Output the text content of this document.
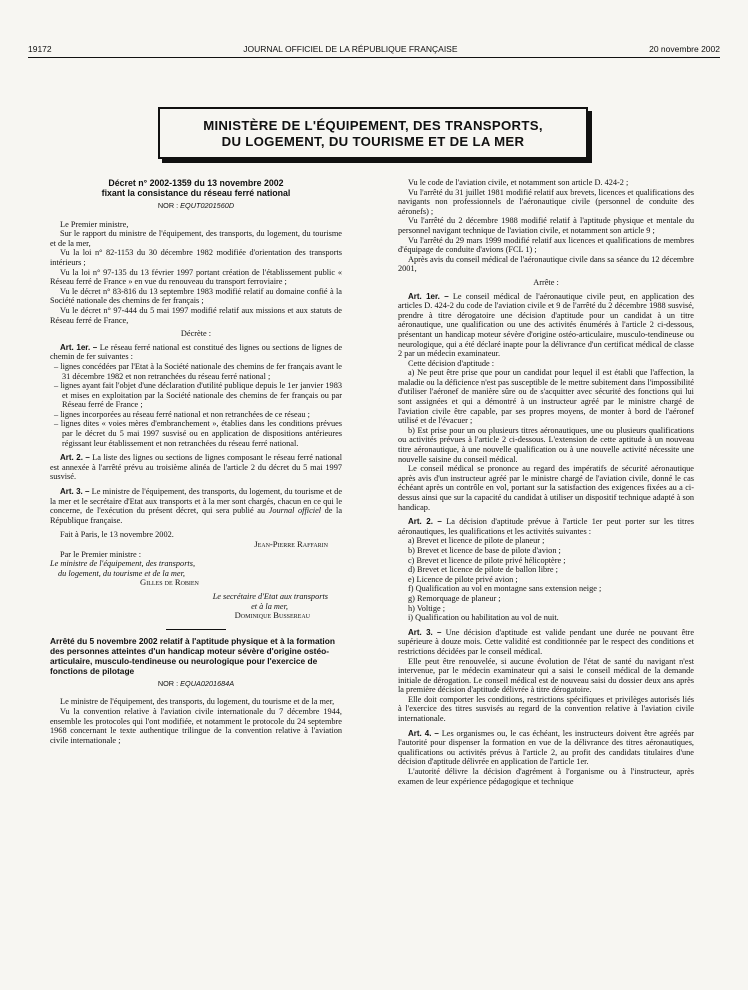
19172	JOURNAL OFFICIEL DE LA RÉPUBLIQUE FRANÇAISE	20 novembre 2002
MINISTÈRE DE L'ÉQUIPEMENT, DES TRANSPORTS,
DU LOGEMENT, DU TOURISME ET DE LA MER
Décret n° 2002-1359 du 13 novembre 2002
fixant la consistance du réseau ferré national
NOR : EQUT0201560D

Le Premier ministre,

Sur le rapport du ministre de l'équipement, des transports, du logement, du tourisme et de la mer,

Vu la loi n° 82-1153 du 30 décembre 1982 modifiée d'orientation des transports intérieurs ;

Vu la loi n° 97-135 du 13 février 1997 portant création de l'établissement public « Réseau ferré de France » en vue du renouveau du transport ferroviaire ;

Vu le décret n° 83-816 du 13 septembre 1983 modifié relatif au domaine confié à la Société nationale des chemins de fer français ;

Vu le décret n° 97-444 du 5 mai 1997 modifié relatif aux missions et aux statuts de Réseau ferré de France,

Décrète :

Art. 1er. – Le réseau ferré national est constitué des lignes ou sections de lignes de chemin de fer suivantes :

– lignes concédées par l'Etat à la Société nationale des chemins de fer français avant le 31 décembre 1982 et non retranchées du réseau ferré national ;
– lignes ayant fait l'objet d'une déclaration d'utilité publique depuis le 1er janvier 1983 et mises en exploitation par la Société nationale des chemins de fer français ou par Réseau ferré de France ;
– lignes incorporées au réseau ferré national et non retranchées de ce réseau ;
– lignes dites « voies mères d'embranchement », établies dans les conditions prévues par le décret du 5 mai 1997 susvisé ou en application de dispositions antérieures régissant leur établissement et non retranchées du réseau ferré national.

Art. 2. – La liste des lignes ou sections de lignes composant le réseau ferré national est annexée à l'arrêté prévu au troisième alinéa de l'article 2 du décret du 5 mai 1997 susvisé.

Art. 3. – Le ministre de l'équipement, des transports, du logement, du tourisme et de la mer et le secrétaire d'Etat aux transports et à la mer sont chargés, chacun en ce qui le concerne, de l'exécution du présent décret, qui sera publié au Journal officiel de la République française.

Fait à Paris, le 13 novembre 2002.

Jean-Pierre Raffarin

Par le Premier ministre :

Le ministre de l'équipement, des transports,
du logement, du tourisme et de la mer,
Gilles de Robien
Le secrétaire d'Etat aux transports
et à la mer,
Dominique Bussereau
Arrêté du 5 novembre 2002 relatif à l'aptitude physique et à la formation des personnes atteintes d'un handicap moteur sévère d'origine ostéo-articulaire, musculo-tendineuse ou neurologique pour l'exercice de fonctions de pilotage
NOR : EQUA0201684A

Le ministre de l'équipement, des transports, du logement, du tourisme et de la mer,

Vu la convention relative à l'aviation civile internationale du 7 décembre 1944, ensemble les protocoles qui l'ont modifiée, et notamment le protocole du 24 septembre 1968 concernant le texte authentique trilingue de la convention relative à l'aviation civile internationale ;

Vu le code de l'aviation civile, et notamment son article D. 424-2 ;

Vu l'arrêté du 31 juillet 1981 modifié relatif aux brevets, licences et qualifications des navigants non professionnels de l'aéronautique civile (personnel de conduite des aéronefs) ;

Vu l'arrêté du 2 décembre 1988 modifié relatif à l'aptitude physique et mentale du personnel navigant technique de l'aviation civile, et notamment son article 9 ;

Vu l'arrêté du 29 mars 1999 modifié relatif aux licences et qualifications de membres d'équipage de conduite d'avions (FCL 1) ;

Après avis du conseil médical de l'aéronautique civile dans sa séance du 12 décembre 2001,

Arrête :

Art. 1er. – Le conseil médical de l'aéronautique civile peut, en application des articles D. 424-2 du code de l'aviation civile et 9 de l'arrêté du 2 décembre 1988 susvisé, prendre à titre dérogatoire une décision d'aptitude pour un candidat à un titre aéronautique, une qualification ou une des activités énumérés à l'article 2 ci-dessous, présentant un handicap moteur sévère d'origine ostéo-articulaire, musculo-tendineuse ou neurologique, qui a été déclaré inapte pour la délivrance d'un certificat médical de classe 2 par un médecin examinateur.

Cette décision d'aptitude :

a) Ne peut être prise que pour un candidat pour lequel il est établi que l'affection, la maladie ou la déficience n'est pas susceptible de le mettre subitement dans l'impossibilité d'utiliser l'aéronef de manière sûre ou de s'acquitter avec sécurité des fonctions qui lui sont assignées et qui a démontré à un instructeur agréé par le ministre chargé de l'aviation civile être capable, par ses propres moyens, de monter à bord de l'aéronef utilisé et de l'évacuer ;

b) Est prise pour un ou plusieurs titres aéronautiques, une ou plusieurs qualifications ou activités prévues à l'article 2 ci-dessous. L'extension de cette aptitude à un nouveau titre aéronautique, à une nouvelle qualification ou à une nouvelle activité nécessite une nouvelle saisine du conseil médical.

Le conseil médical se prononce au regard des impératifs de sécurité aéronautique après avis d'un instructeur agréé par le ministre chargé de l'aviation civile, donné le cas échéant après un contrôle en vol, portant sur la satisfaction des exigences fixées au a ci-dessus ainsi que sur la capacité du candidat à utiliser un dispositif technique adapté à son handicap.

Art. 2. – La décision d'aptitude prévue à l'article 1er peut porter sur les titres aéronautiques, les qualifications et les activités suivantes :

a) Brevet et licence de pilote de planeur ;
b) Brevet et licence de base de pilote d'avion ;
c) Brevet et licence de pilote privé hélicoptère ;
d) Brevet et licence de pilote de ballon libre ;
e) Licence de pilote privé avion ;
f) Qualification au vol en montagne sans extension neige ;
g) Remorquage de planeur ;
h) Voltige ;
i) Qualification ou habilitation au vol de nuit.

Art. 3. – Une décision d'aptitude est valide pendant une durée ne pouvant être supérieure à douze mois. Cette validité est conditionnée par le respect des conditions et restrictions décidées par le conseil médical.

Elle peut être renouvelée, si aucune évolution de l'état de santé du navigant n'est intervenue, par le médecin examinateur qui a saisi le conseil médical de la demande initiale de dérogation. Le conseil médical est de nouveau saisi du dossier deux ans après la première décision d'aptitude délivrée à titre dérogatoire.

Elle doit comporter les conditions, restrictions spécifiques et privilèges autorisés liés à l'exercice des titres susvisés au regard de la convention relative à l'aviation civile internationale.

Art. 4. – Les organismes ou, le cas échéant, les instructeurs doivent être agréés par l'autorité pour dispenser la formation en vue de la délivrance des titres aéronautiques, qualifications ou activités prévus à l'article 2, au profit des candidats titulaires d'une décision d'aptitude délivrée en application de l'article 1er.

L'autorité délivre la décision d'agrément à l'organisme ou à l'instructeur, après examen de leur expérience pédagogique et technique
